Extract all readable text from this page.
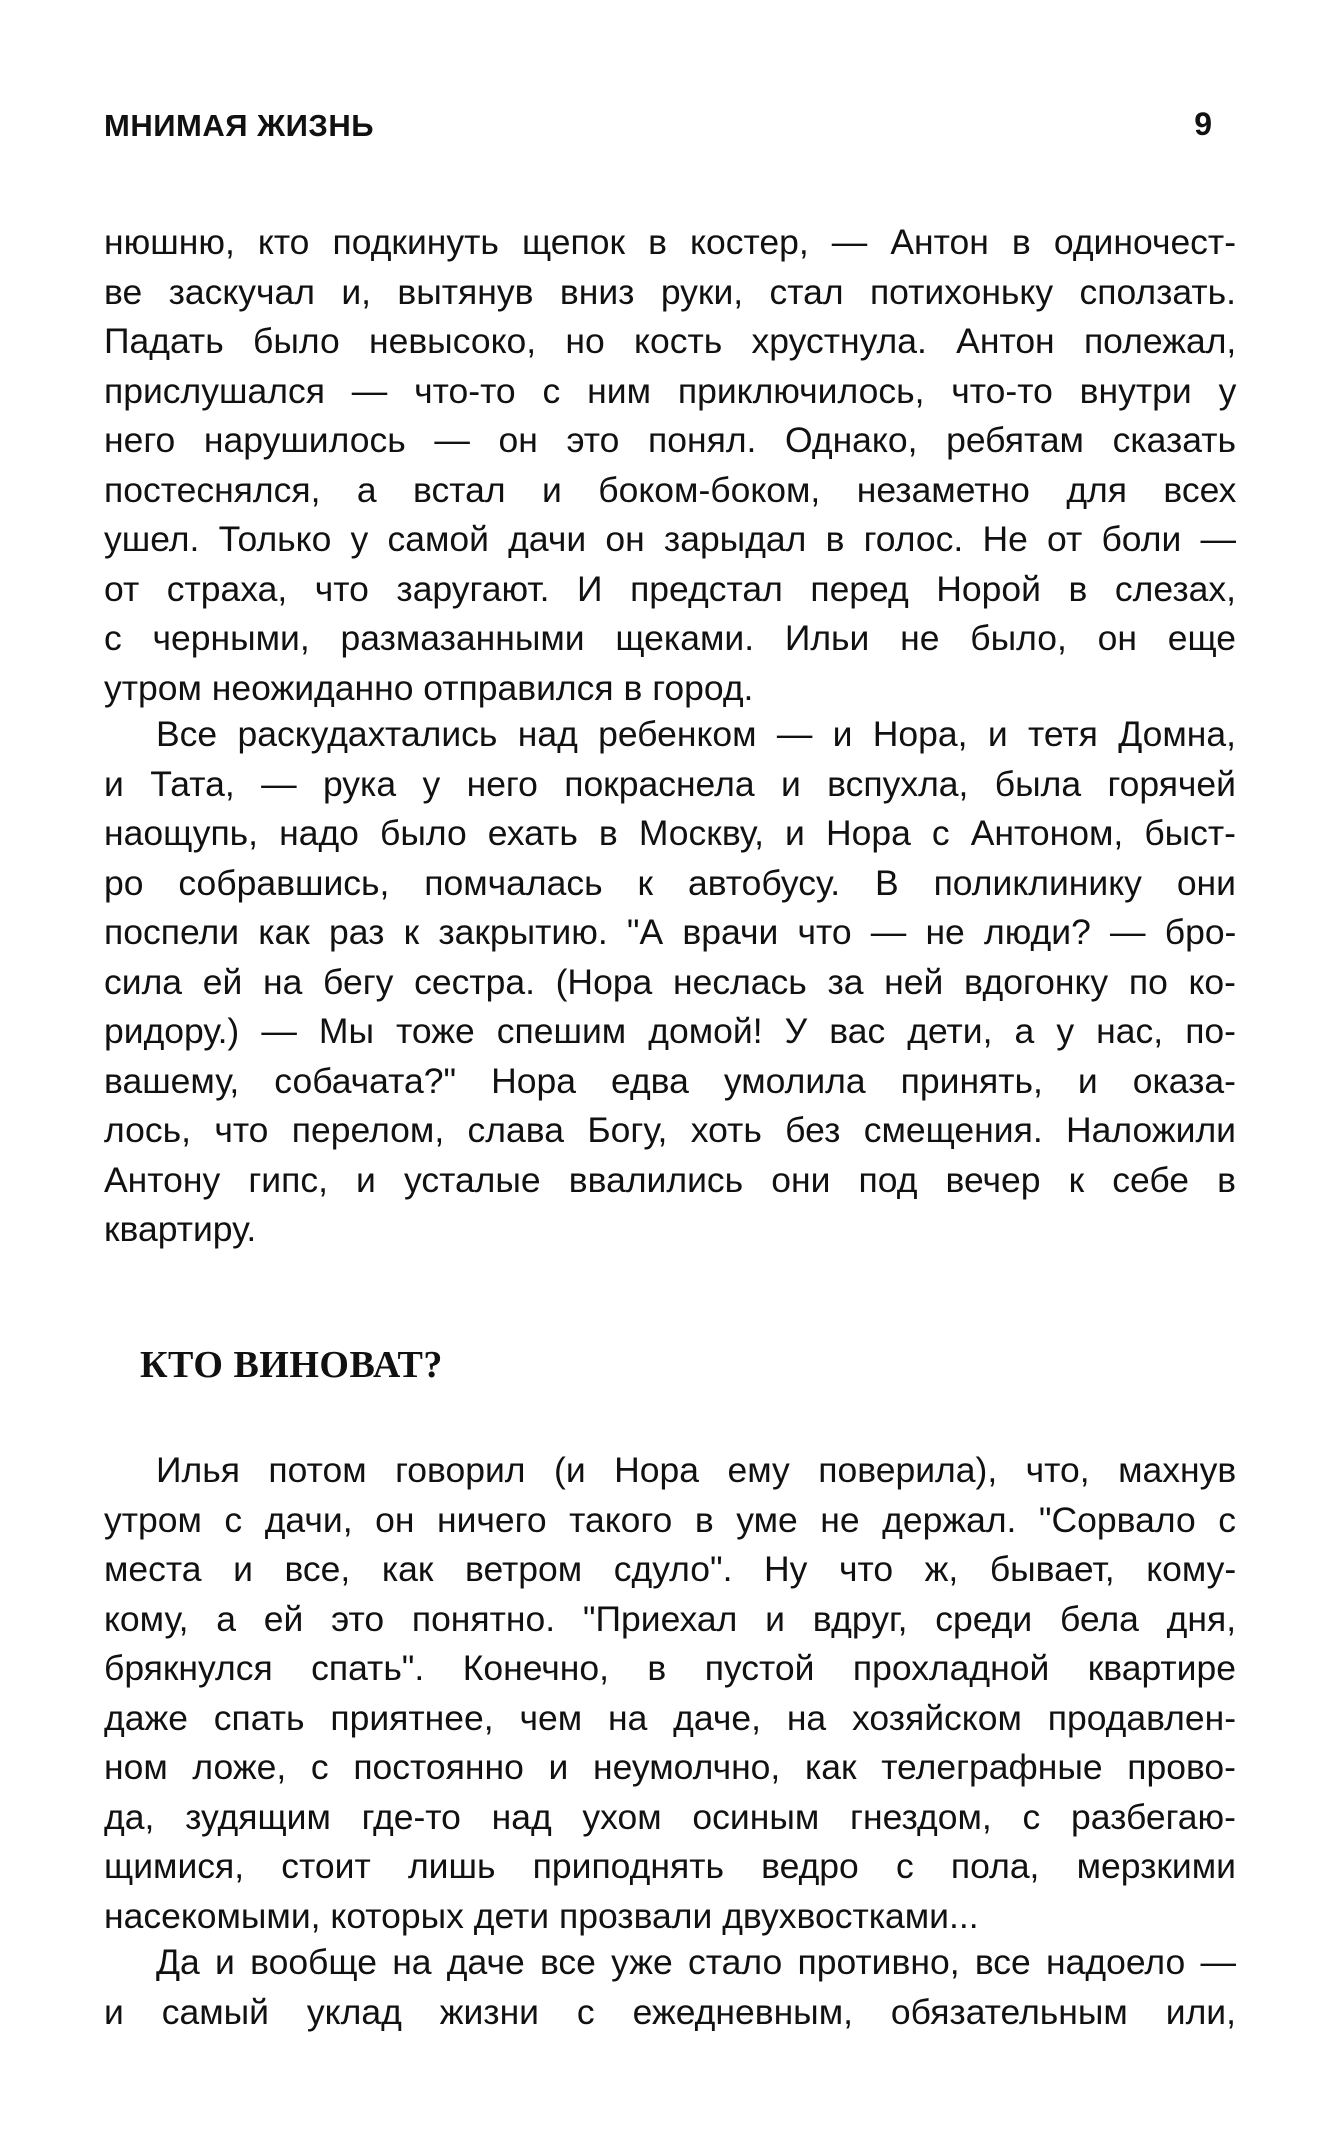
МНИМАЯ ЖИЗНЬ	9
нюшню, кто подкинуть щепок в костер, — Антон в одиночест-
ве заскучал и, вытянув вниз руки, стал потихоньку сползать.
Падать было невысоко, но кость хрустнула. Антон полежал,
прислушался — что-то с ним приключилось, что-то внутри у
него нарушилось — он это понял. Однако, ребятам сказать
постеснялся, а встал и боком-боком, незаметно для всех
ушел. Только у самой дачи он зарыдал в голос. Не от боли —
от страха, что заругают. И предстал перед Норой в слезах,
с черными, размазанными щеками. Ильи не было, он еще
утром неожиданно отправился в город.
Все раскудахтались над ребенком — и Нора, и тетя Домна,
и Тата, — рука у него покраснела и вспухла, была горячей
наощупь, надо было ехать в Москву, и Нора с Антоном, быст-
ро собравшись, помчалась к автобусу. В поликлинику они
поспели как раз к закрытию. "А врачи что — не люди? — бро-
сила ей на бегу сестра. (Нора неслась за ней вдогонку по ко-
ридору.) — Мы тоже спешим домой! У вас дети, а у нас, по-
вашему, собачата?" Нора едва умолила принять, и оказа-
лось, что перелом, слава Богу, хоть без смещения. Наложили
Антону гипс, и усталые ввалились они под вечер к себе в
квартиру.
КТО ВИНОВАТ?
Илья потом говорил (и Нора ему поверила), что, махнув
утром с дачи, он ничего такого в уме не держал. "Сорвало с
места и все, как ветром сдуло". Ну что ж, бывает, кому-
кому, а ей это понятно. "Приехал и вдруг, среди бела дня,
брякнулся спать". Конечно, в пустой прохладной квартире
даже спать приятнее, чем на даче, на хозяйском продавлен-
ном ложе, с постоянно и неумолчно, как телеграфные прово-
да, зудящим где-то над ухом осиным гнездом, с разбегаю-
щимися, стоит лишь приподнять ведро с пола, мерзкими
насекомыми, которых дети прозвали двухвостками...
Да и вообще на даче все уже стало противно, все надоело —
и самый уклад жизни с ежедневным, обязательным или,
